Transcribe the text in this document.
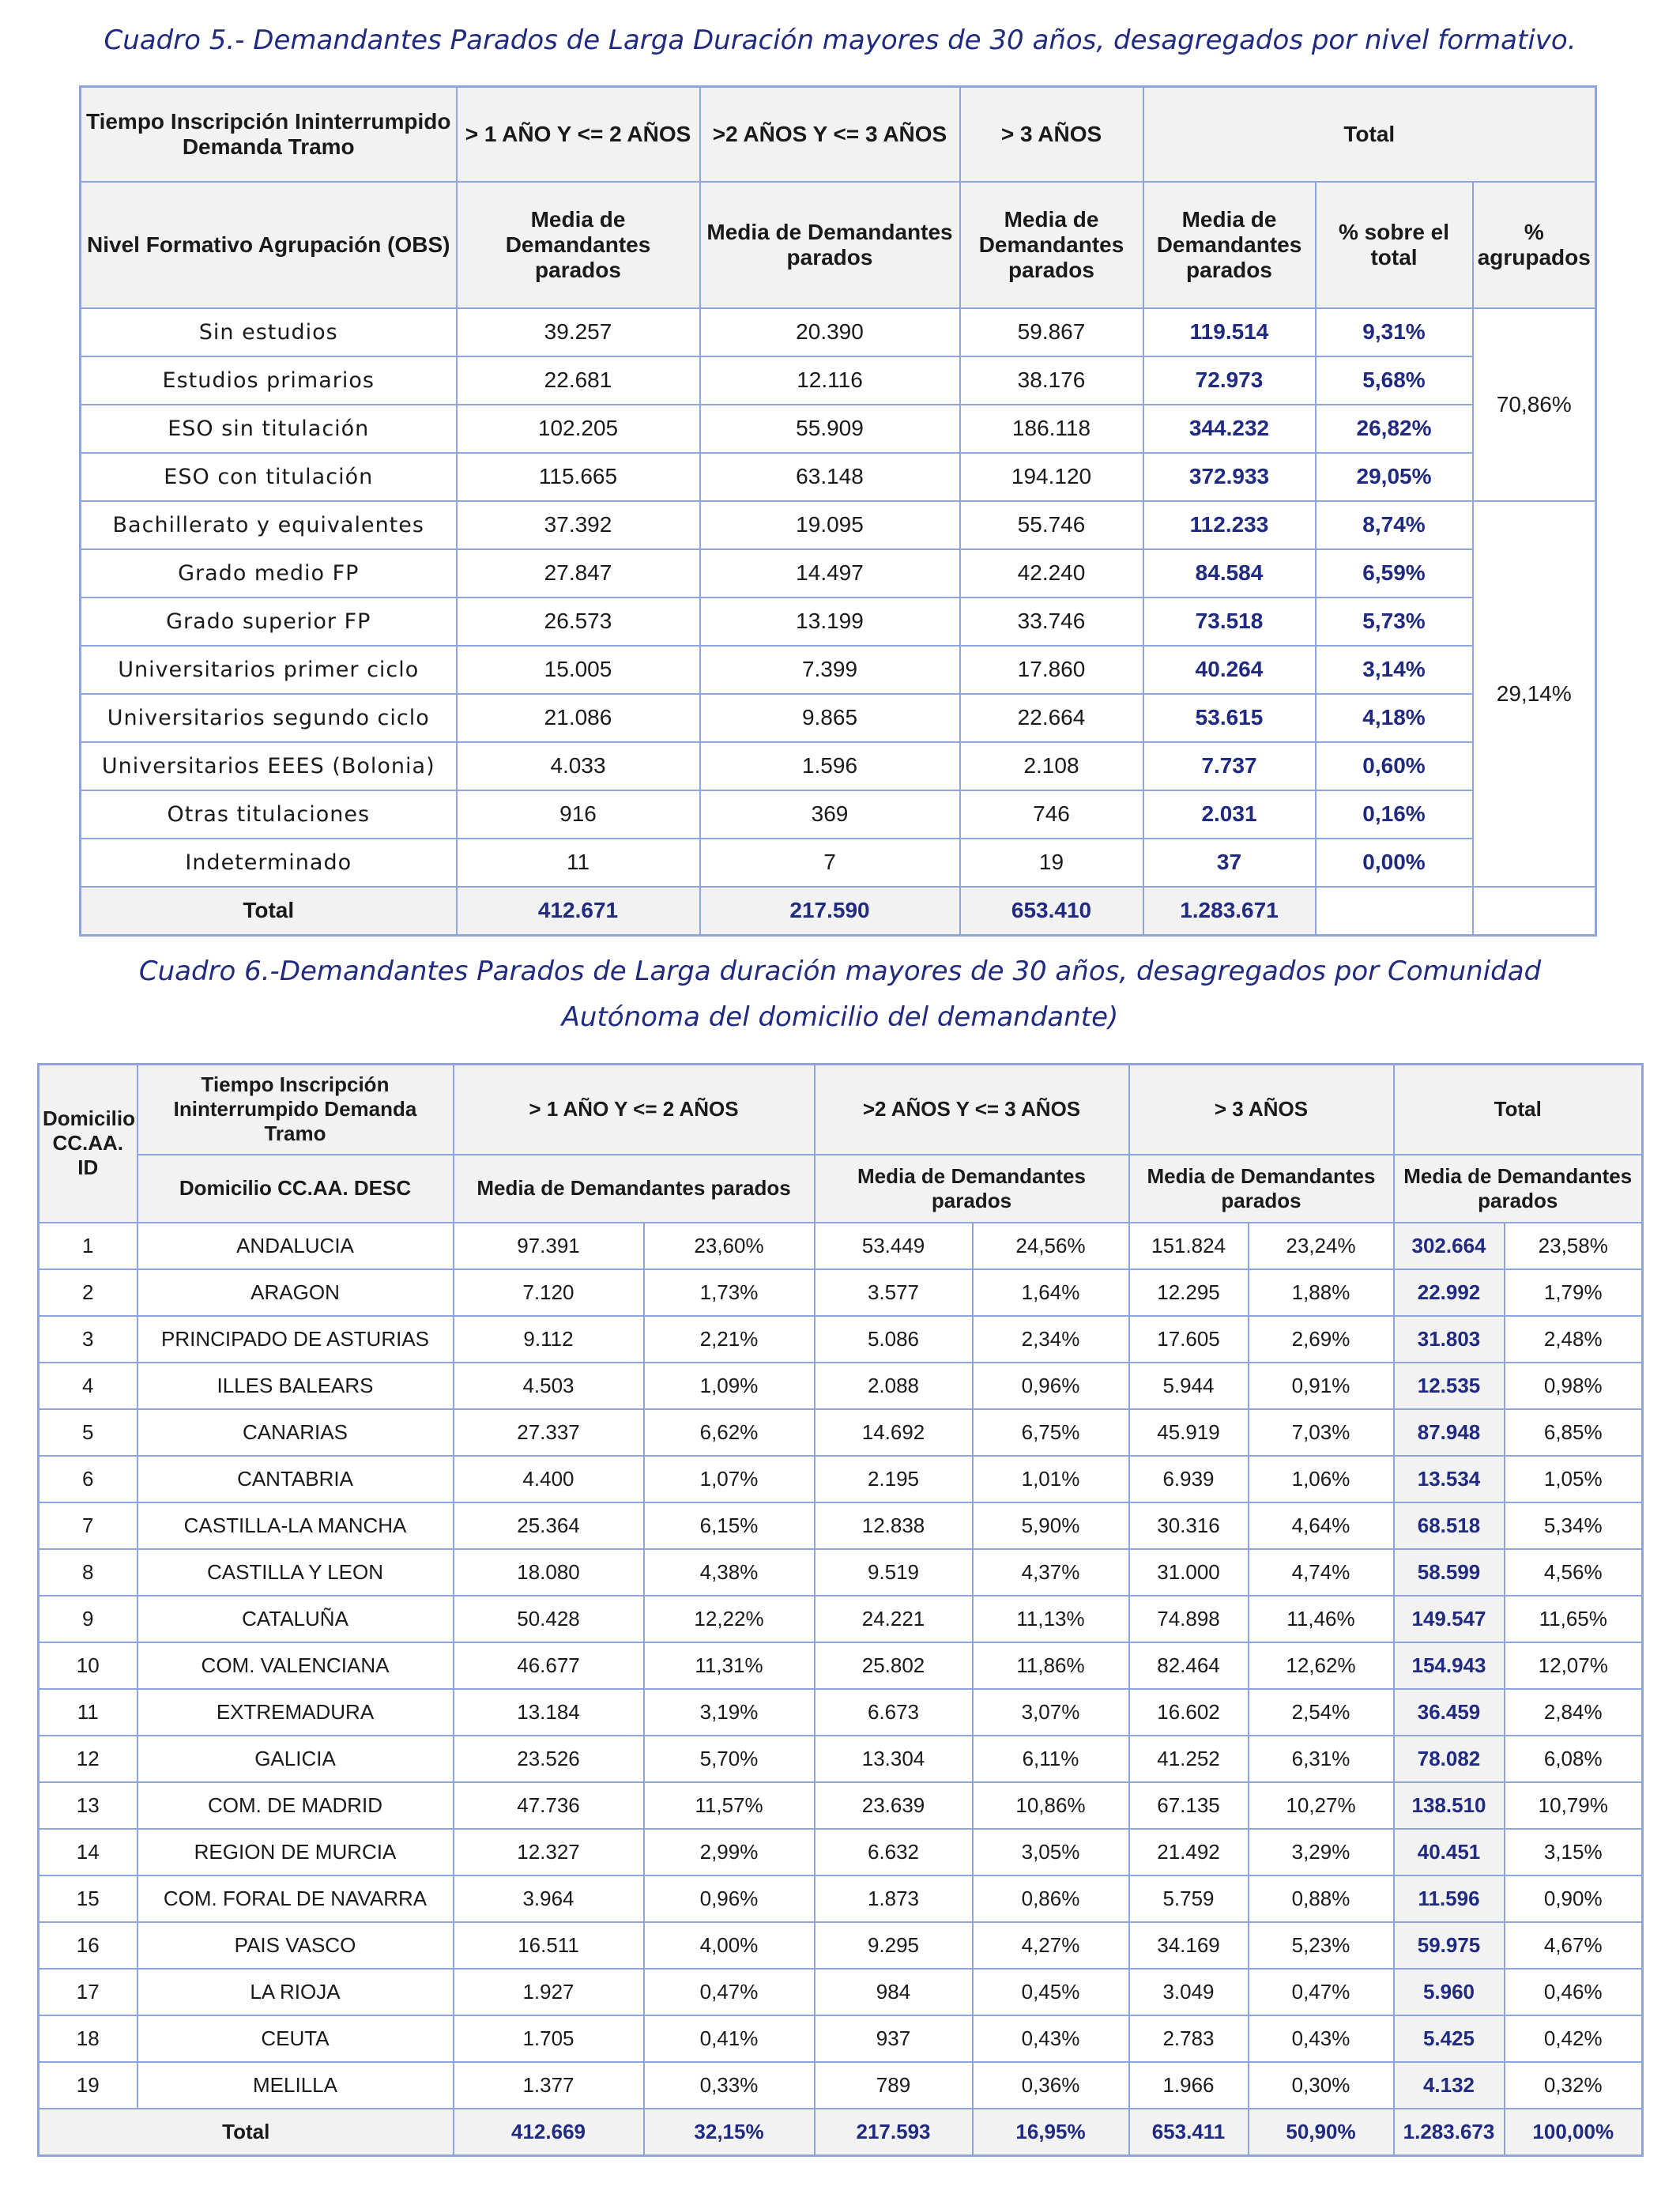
Cuadro 5.- Demandantes Parados de Larga Duración mayores de 30 años, desagregados por nivel formativo.
Tiempo Inscripción Ininterrumpido Demanda Tramo	> 1 AÑO Y <= 2 AÑOS	>2 AÑOS Y <= 3 AÑOS	> 3 AÑOS	Total		
Nivel Formativo Agrupación (OBS)	Media de Demandantes parados	Media de Demandantes parados	Media de Demandantes parados	Media de Demandantes parados	% sobre el total	% agrupados
Sin estudios	39.257	20.390	59.867	119.514	9,31%	70,86%
Estudios primarios	22.681	12.116	38.176	72.973	5,68%	
ESO sin titulación	102.205	55.909	186.118	344.232	26,82%	
ESO con titulación	115.665	63.148	194.120	372.933	29,05%	
Bachillerato y equivalentes	37.392	19.095	55.746	112.233	8,74%	29,14%
Grado medio FP	27.847	14.497	42.240	84.584	6,59%	
Grado superior FP	26.573	13.199	33.746	73.518	5,73%	
Universitarios primer ciclo	15.005	7.399	17.860	40.264	3,14%	
Universitarios segundo ciclo	21.086	9.865	22.664	53.615	4,18%	
Universitarios EEES (Bolonia)	4.033	1.596	2.108	7.737	0,60%	
Otras titulaciones	916	369	746	2.031	0,16%	
Indeterminado	11	7	19	37	0,00%	
Total	412.671	217.590	653.410	1.283.671		
Cuadro 6.-Demandantes Parados de Larga duración mayores de 30 años, desagregados por Comunidad
Autónoma del domicilio del demandante)
Domicilio CC.AA. ID	Tiempo Inscripción Ininterrumpido Demanda Tramo	> 1 AÑO Y <= 2 AÑOS		>2 AÑOS Y <= 3 AÑOS		> 3 AÑOS		Total	
	Domicilio CC.AA. DESC	Media de Demandantes parados		Media de Demandantes parados		Media de Demandantes parados		Media de Demandantes parados	
1	ANDALUCIA	97.391	23,60%	53.449	24,56%	151.824	23,24%	302.664	23,58%
2	ARAGON	7.120	1,73%	3.577	1,64%	12.295	1,88%	22.992	1,79%
3	PRINCIPADO DE ASTURIAS	9.112	2,21%	5.086	2,34%	17.605	2,69%	31.803	2,48%
4	ILLES BALEARS	4.503	1,09%	2.088	0,96%	5.944	0,91%	12.535	0,98%
5	CANARIAS	27.337	6,62%	14.692	6,75%	45.919	7,03%	87.948	6,85%
6	CANTABRIA	4.400	1,07%	2.195	1,01%	6.939	1,06%	13.534	1,05%
7	CASTILLA-LA MANCHA	25.364	6,15%	12.838	5,90%	30.316	4,64%	68.518	5,34%
8	CASTILLA Y LEON	18.080	4,38%	9.519	4,37%	31.000	4,74%	58.599	4,56%
9	CATALUÑA	50.428	12,22%	24.221	11,13%	74.898	11,46%	149.547	11,65%
10	COM. VALENCIANA	46.677	11,31%	25.802	11,86%	82.464	12,62%	154.943	12,07%
11	EXTREMADURA	13.184	3,19%	6.673	3,07%	16.602	2,54%	36.459	2,84%
12	GALICIA	23.526	5,70%	13.304	6,11%	41.252	6,31%	78.082	6,08%
13	COM. DE MADRID	47.736	11,57%	23.639	10,86%	67.135	10,27%	138.510	10,79%
14	REGION DE MURCIA	12.327	2,99%	6.632	3,05%	21.492	3,29%	40.451	3,15%
15	COM. FORAL DE NAVARRA	3.964	0,96%	1.873	0,86%	5.759	0,88%	11.596	0,90%
16	PAIS VASCO	16.511	4,00%	9.295	4,27%	34.169	5,23%	59.975	4,67%
17	LA RIOJA	1.927	0,47%	984	0,45%	3.049	0,47%	5.960	0,46%
18	CEUTA	1.705	0,41%	937	0,43%	2.783	0,43%	5.425	0,42%
19	MELILLA	1.377	0,33%	789	0,36%	1.966	0,30%	4.132	0,32%
Total		412.669	32,15%	217.593	16,95%	653.411	50,90%	1.283.673	100,00%
